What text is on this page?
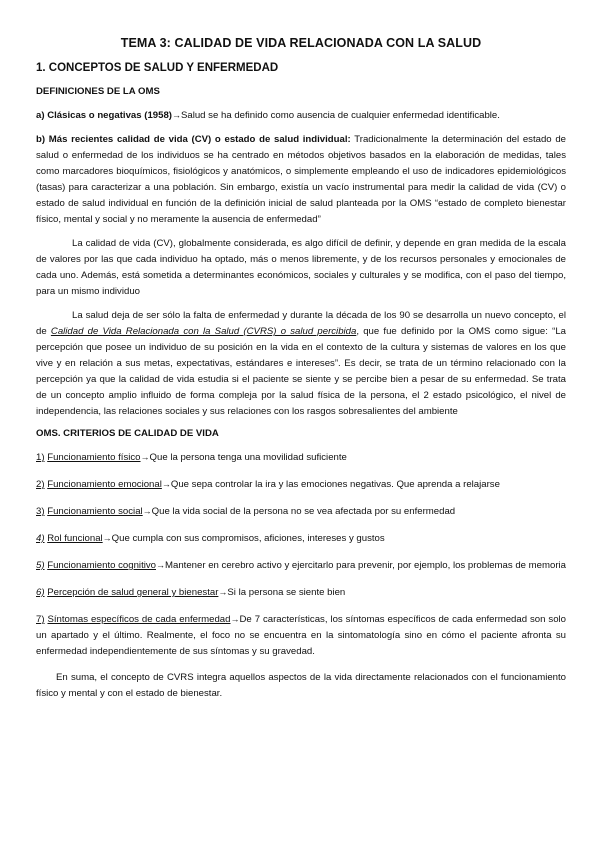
TEMA 3: CALIDAD DE VIDA RELACIONADA CON LA SALUD
1. CONCEPTOS DE SALUD Y ENFERMEDAD
DEFINICIONES DE LA OMS

a) Clásicas o negativas (1958)→Salud se ha definido como ausencia de cualquier enfermedad identificable.

b) Más recientes calidad de vida (CV) o estado de salud individual: Tradicionalmente la determinación del estado de salud o enfermedad de los individuos se ha centrado en métodos objetivos basados en la elaboración de medidas, tales como marcadores bioquímicos, fisiológicos y anatómicos, o simplemente empleando el uso de indicadores epidemiológicos (tasas) para caracterizar a una población. Sin embargo, existía un vacío instrumental para medir la calidad de vida (CV) o estado de salud individual en función de la definición inicial de salud planteada por la OMS “estado de completo bienestar físico, mental y social y no meramente la ausencia de enfermedad”

La calidad de vida (CV), globalmente considerada, es algo difícil de definir, y depende en gran medida de la escala de valores por las que cada individuo ha optado, más o menos libremente, y de los recursos personales y emocionales de cada uno. Además, está sometida a determinantes económicos, sociales y culturales y se modifica, con el paso del tiempo, para un mismo individuo

La salud deja de ser sólo la falta de enfermedad y durante la década de los 90 se desarrolla un nuevo concepto, el de Calidad de Vida Relacionada con la Salud (CVRS) o salud percibida, que fue definido por la OMS como sigue: “La percepción que posee un individuo de su posición en la vida en el contexto de la cultura y sistemas de valores en los que vive y en relación a sus metas, expectativas, estándares e intereses”. Es decir, se trata de un término relacionado con la percepción ya que la calidad de vida estudia si el paciente se siente y se percibe bien a pesar de su enfermedad. Se trata de un concepto amplio influido de forma compleja por la salud física de la persona, el 2 estado psicológico, el nivel de independencia, las relaciones sociales y sus relaciones con los rasgos sobresalientes del ambiente

OMS. CRITERIOS DE CALIDAD DE VIDA

1) Funcionamiento físico→Que la persona tenga una movilidad suficiente

2) Funcionamiento emocional→Que sepa controlar la ira y las emociones negativas. Que aprenda a relajarse

3) Funcionamiento social→Que la vida social de la persona no se vea afectada por su enfermedad

4) Rol funcional→Que cumpla con sus compromisos, aficiones, intereses y gustos

5) Funcionamiento cognitivo→Mantener en cerebro activo y ejercitarlo para prevenir, por ejemplo, los problemas de memoria

6) Percepción de salud general y bienestar→Si la persona se siente bien

7) Síntomas específicos de cada enfermedad→De 7 características, los síntomas específicos de cada enfermedad son solo un apartado y el último. Realmente, el foco no se encuentra en la sintomatología sino en cómo el paciente afronta su enfermedad independientemente de sus síntomas y su gravedad.

En suma, el concepto de CVRS integra aquellos aspectos de la vida directamente relacionados con el funcionamiento físico y mental y con el estado de bienestar.
